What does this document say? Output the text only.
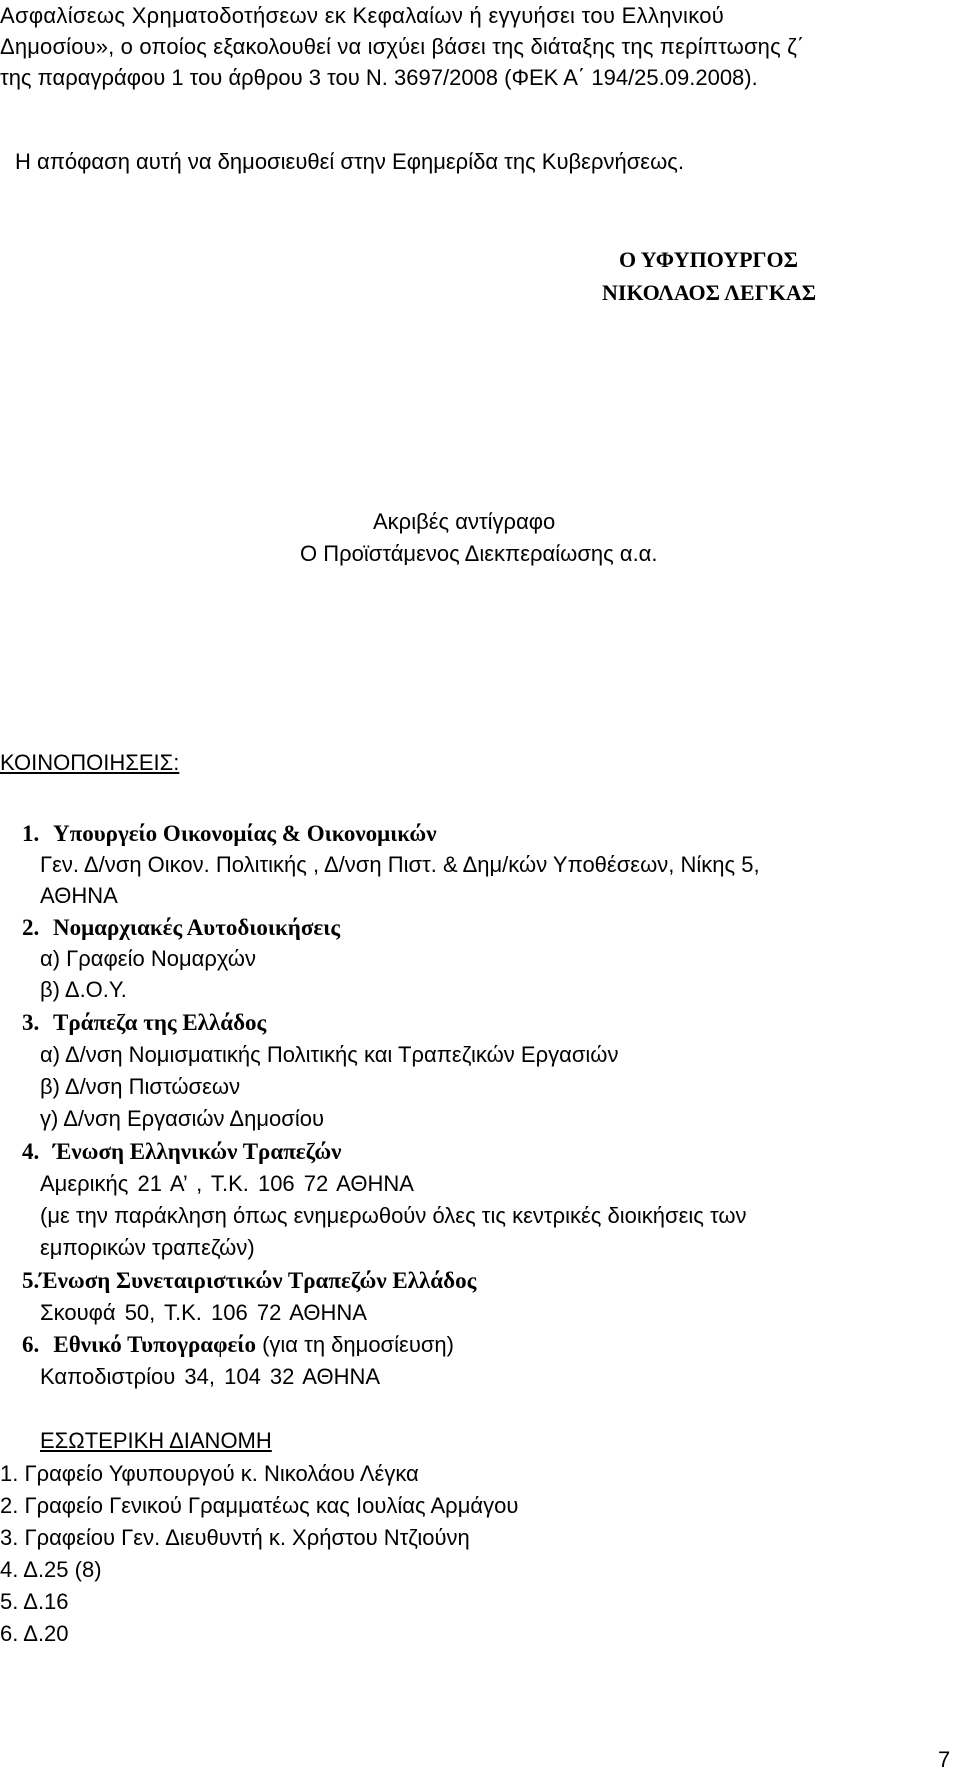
Ασφαλίσεως Χρηματοδοτήσεων εκ Κεφαλαίων ή εγγυήσει του Ελληνικού
Δημοσίου», ο οποίος εξακολουθεί να ισχύει βάσει της διάταξης της περίπτωσης ζ΄
της παραγράφου 1 του άρθρου 3 του Ν. 3697/2008 (ΦΕΚ Α΄ 194/25.09.2008).
Η απόφαση αυτή να δημοσιευθεί στην Εφημερίδα της Κυβερνήσεως.
Ο ΥΦΥΠΟΥΡΓΟΣ
ΝΙΚΟΛΑΟΣ ΛΕΓΚΑΣ
Ακριβές αντίγραφο
Ο Προϊστάμενος Διεκπεραίωσης α.α.
ΚΟΙΝΟΠΟΙΗΣΕΙΣ:
1. Υπουργείο Οικονομίας & Οικονομικών
Γεν. Δ/νση Οικον. Πολιτικής , Δ/νση Πιστ. & Δημ/κών Υποθέσεων, Νίκης 5,
ΑΘΗΝΑ
2. Νομαρχιακές Αυτοδιοικήσεις
α) Γραφείο Νομαρχών
β) Δ.Ο.Υ.
3. Τράπεζα της Ελλάδος
α) Δ/νση Νομισματικής Πολιτικής και Τραπεζικών Εργασιών
β) Δ/νση Πιστώσεων
γ) Δ/νση Εργασιών Δημοσίου
4. Ένωση Ελληνικών Τραπεζών
Αμερικής 21 Α’ , Τ.Κ. 106 72 ΑΘΗΝΑ
(με την παράκληση όπως ενημερωθούν όλες τις κεντρικές διοικήσεις των
εμπορικών τραπεζών)
5.Ένωση Συνεταιριστικών Τραπεζών Ελλάδος
Σκουφά 50, Τ.Κ. 106 72 ΑΘΗΝΑ
6. Εθνικό Τυπογραφείο (για τη δημοσίευση)
Καποδιστρίου 34, 104 32 ΑΘΗΝΑ
ΕΣΩΤΕΡΙΚΗ ΔΙΑΝΟΜΗ
1. Γραφείο Υφυπουργού κ. Νικολάου Λέγκα
2. Γραφείο Γενικού Γραμματέως κας Ιουλίας Αρμάγου
3. Γραφείου Γεν. Διευθυντή κ. Χρήστου Ντζιούνη
4. Δ.25 (8)
5. Δ.16
6. Δ.20
7
